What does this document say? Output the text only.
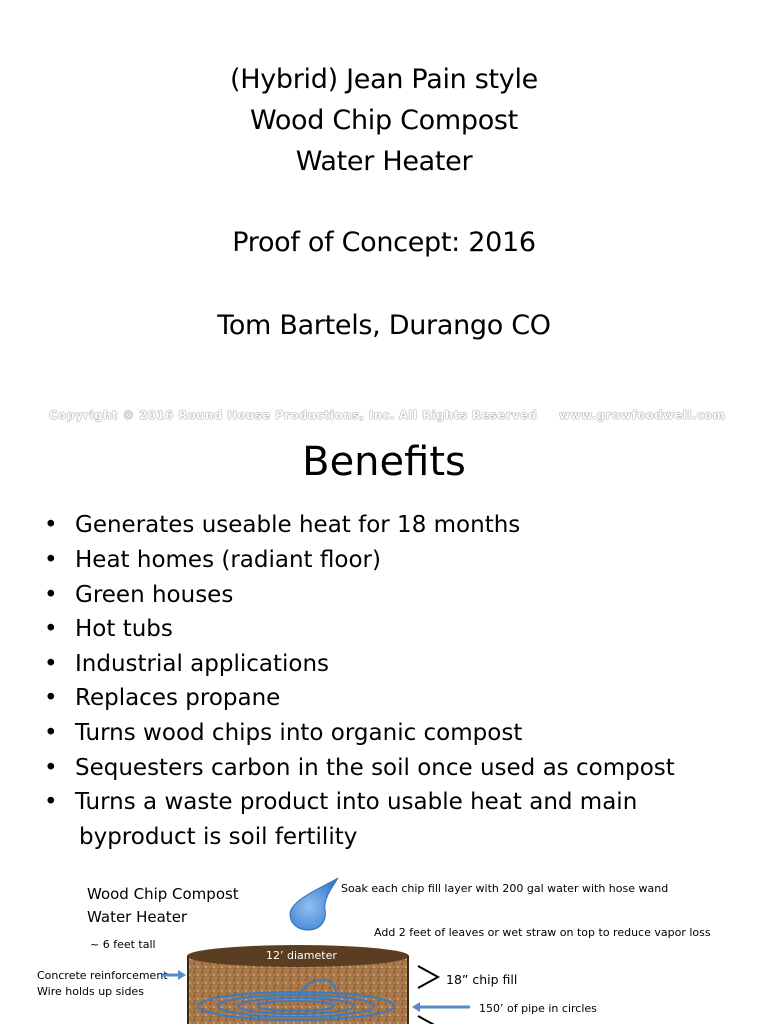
(Hybrid) Jean Pain style
Wood Chip Compost
Water Heater
Proof of Concept: 2016
Tom Bartels, Durango CO
Copyright © 2016 Round House Productions, Inc. All Rights Reserved www.growfoodwell.com
Benefits
• Generates useable heat for 18 months
• Heat homes (radiant floor)
• Green houses
• Hot tubs
• Industrial applications
• Replaces propane
• Turns wood chips into organic compost
• Sequesters carbon in the soil once used as compost
• Turns a waste product into usable heat and main
byproduct is soil fertility
Wood Chip Compost
Water Heater
~ 6 feet tall
Soak each chip fill layer with 200 gal water with hose wand
Add 2 feet of leaves or wet straw on top to reduce vapor loss
Concrete reinforcement
Wire holds up sides
18” chip fill
150’ of pipe in circles
12’ diameter
